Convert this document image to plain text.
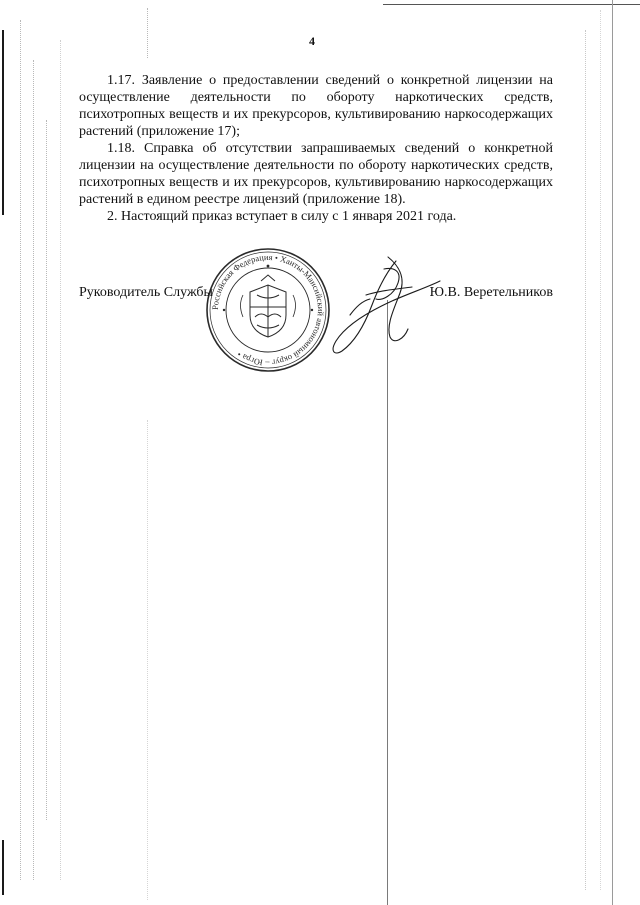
4

1.17. Заявление о предоставлении сведений о конкретной лицензии на осуществление деятельности по обороту наркотических средств, психотропных веществ и их прекурсоров, культивированию наркосодержащих растений (приложение 17);

1.18. Справка об отсутствии запрашиваемых сведений о конкретной лицензии на осуществление деятельности по обороту наркотических средств, психотропных веществ и их прекурсоров, культивированию наркосодержащих растений в едином реестре лицензий (приложение 18).

2. Настоящий приказ вступает в силу с 1 января 2021 года.

Российская Федерация • Ханты-Мансийский автономный округ – Югра •
Руководитель Службы	Ю.В. Веретельников
